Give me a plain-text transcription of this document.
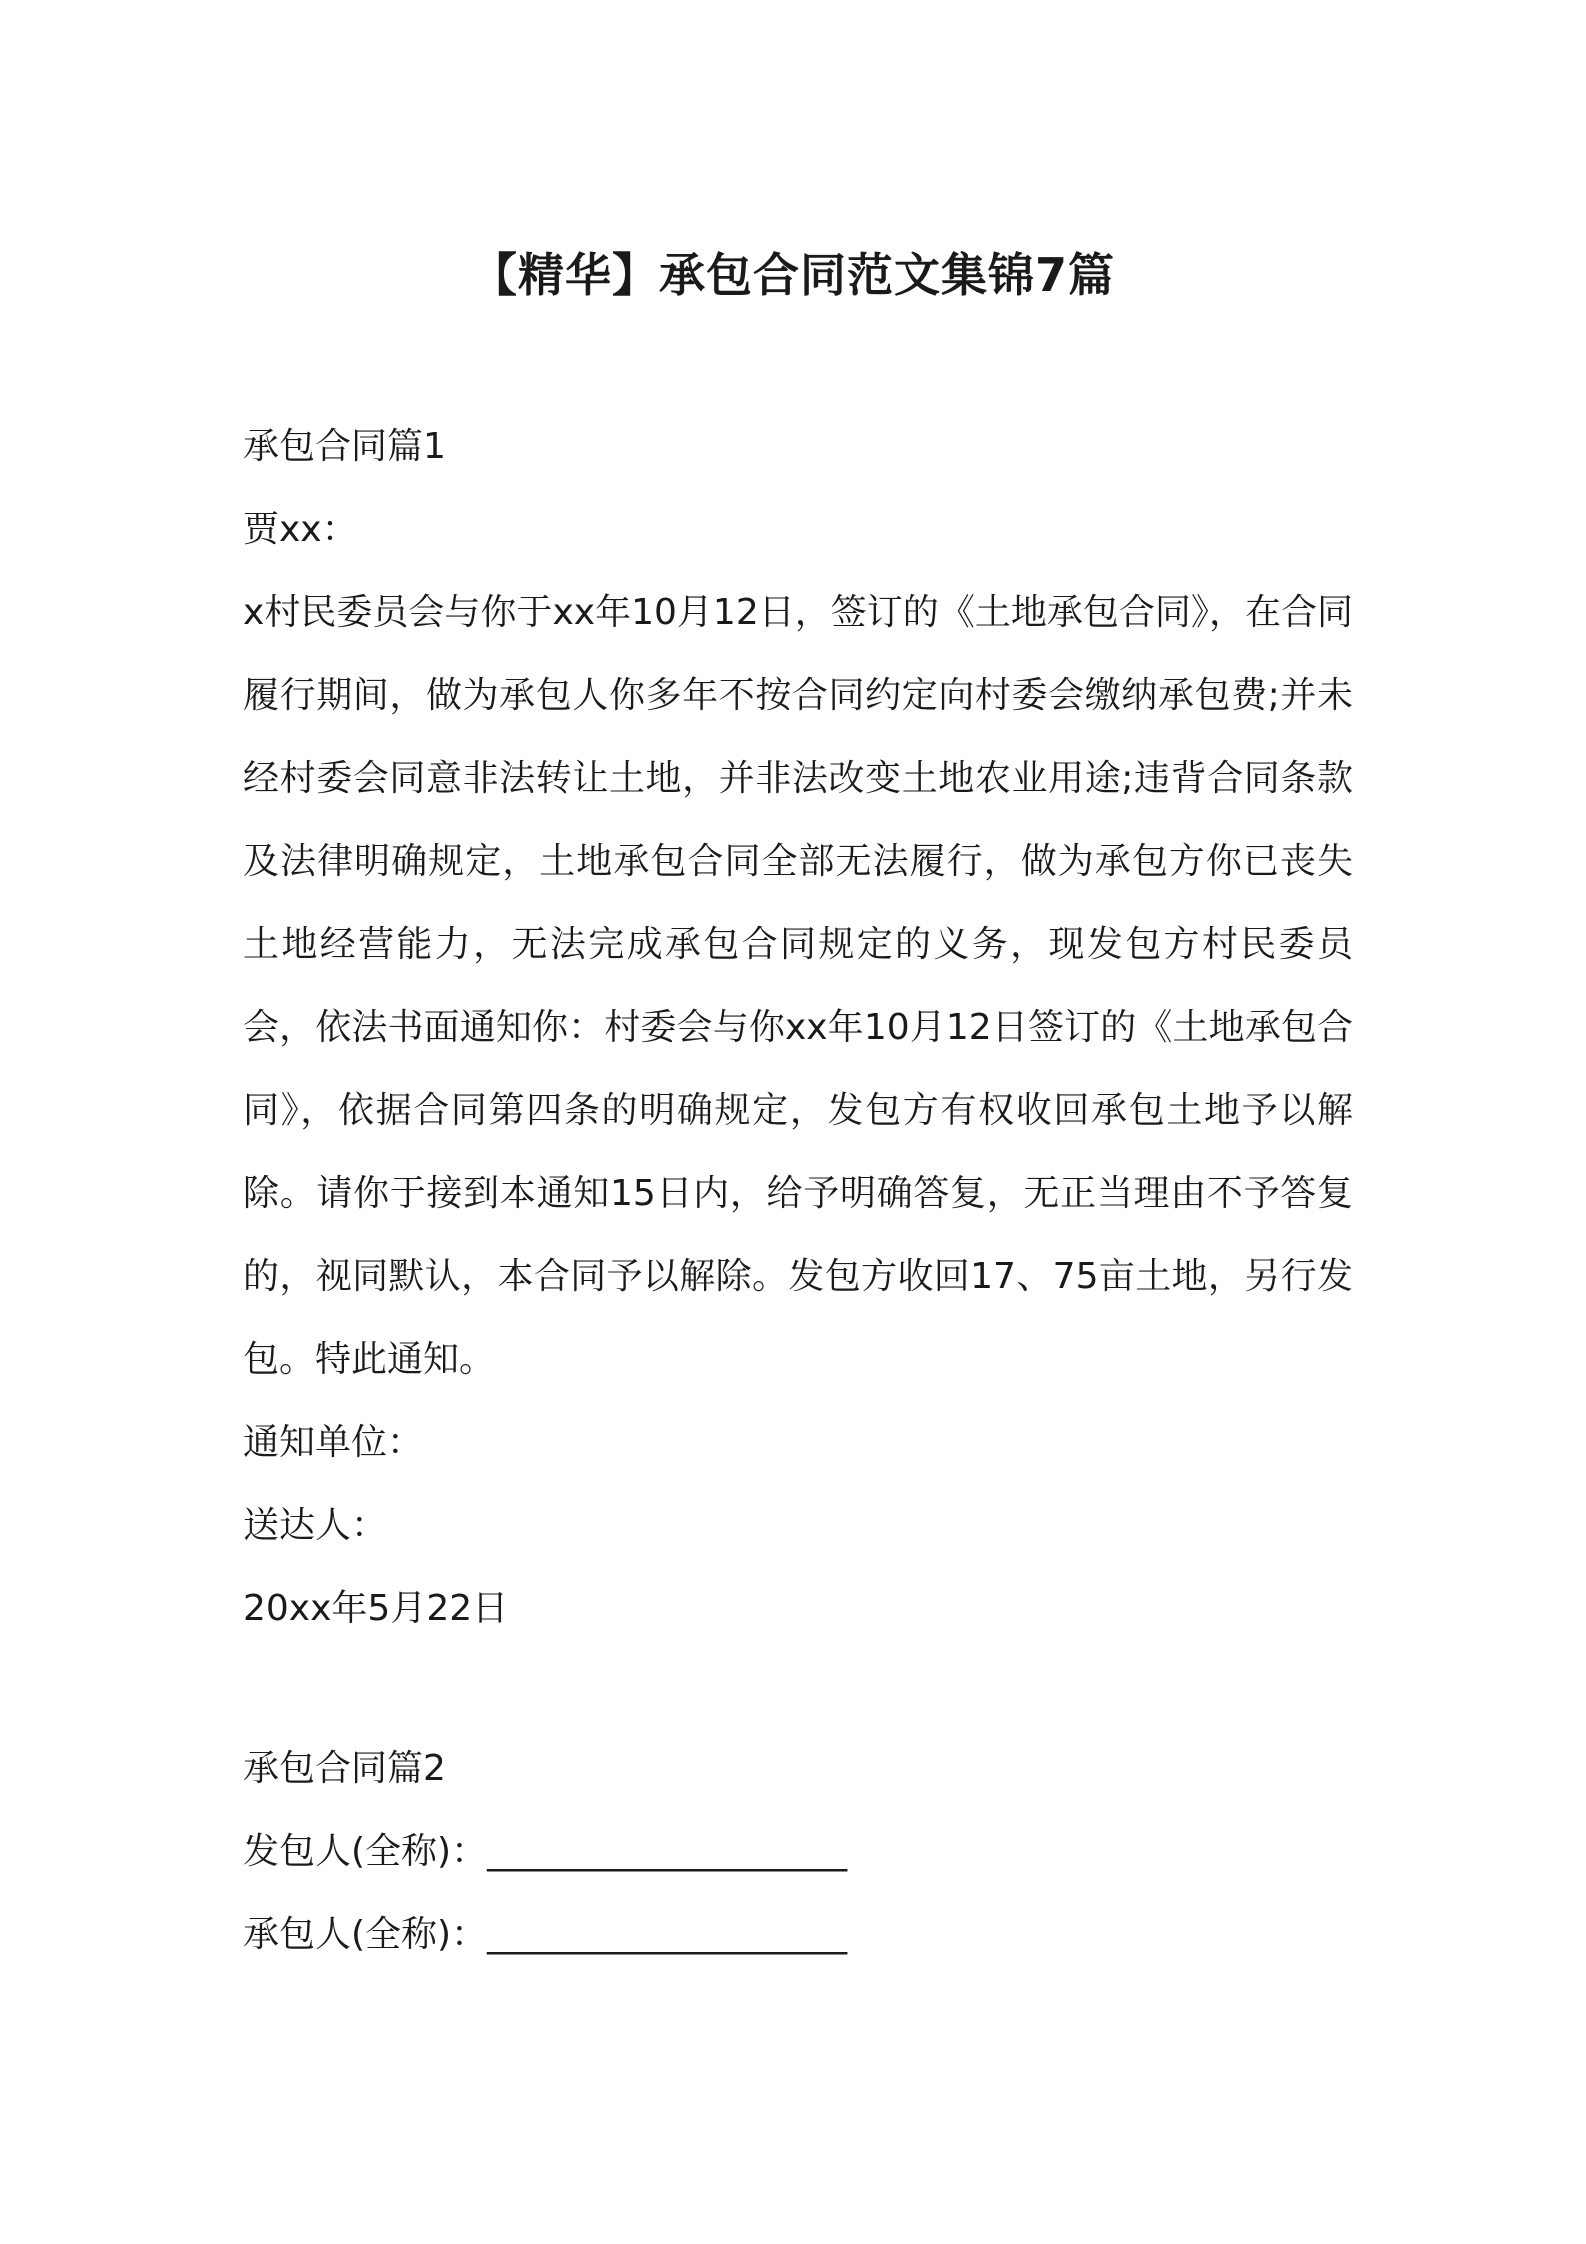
【精华】承包合同范文集锦7篇

承包合同篇1

贾xx：

x村民委员会与你于xx年10月12日，签订的《土地承包合同》，在合同履行期间，做为承包人你多年不按合同约定向村委会缴纳承包费;并未经村委会同意非法转让土地，并非法改变土地农业用途;违背合同条款及法律明确规定，土地承包合同全部无法履行，做为承包方你已丧失土地经营能力，无法完成承包合同规定的义务，现发包方村民委员会，依法书面通知你：村委会与你xx年10月12日签订的《土地承包合同》，依据合同第四条的明确规定，发包方有权收回承包土地予以解除。请你于接到本通知15日内，给予明确答复，无正当理由不予答复的，视同默认，本合同予以解除。发包方收回17、75亩土地，另行发包。特此通知。

通知单位：

送达人：

20xx年5月22日

承包合同篇2

发包人(全称)：____________________

承包人(全称)：____________________
